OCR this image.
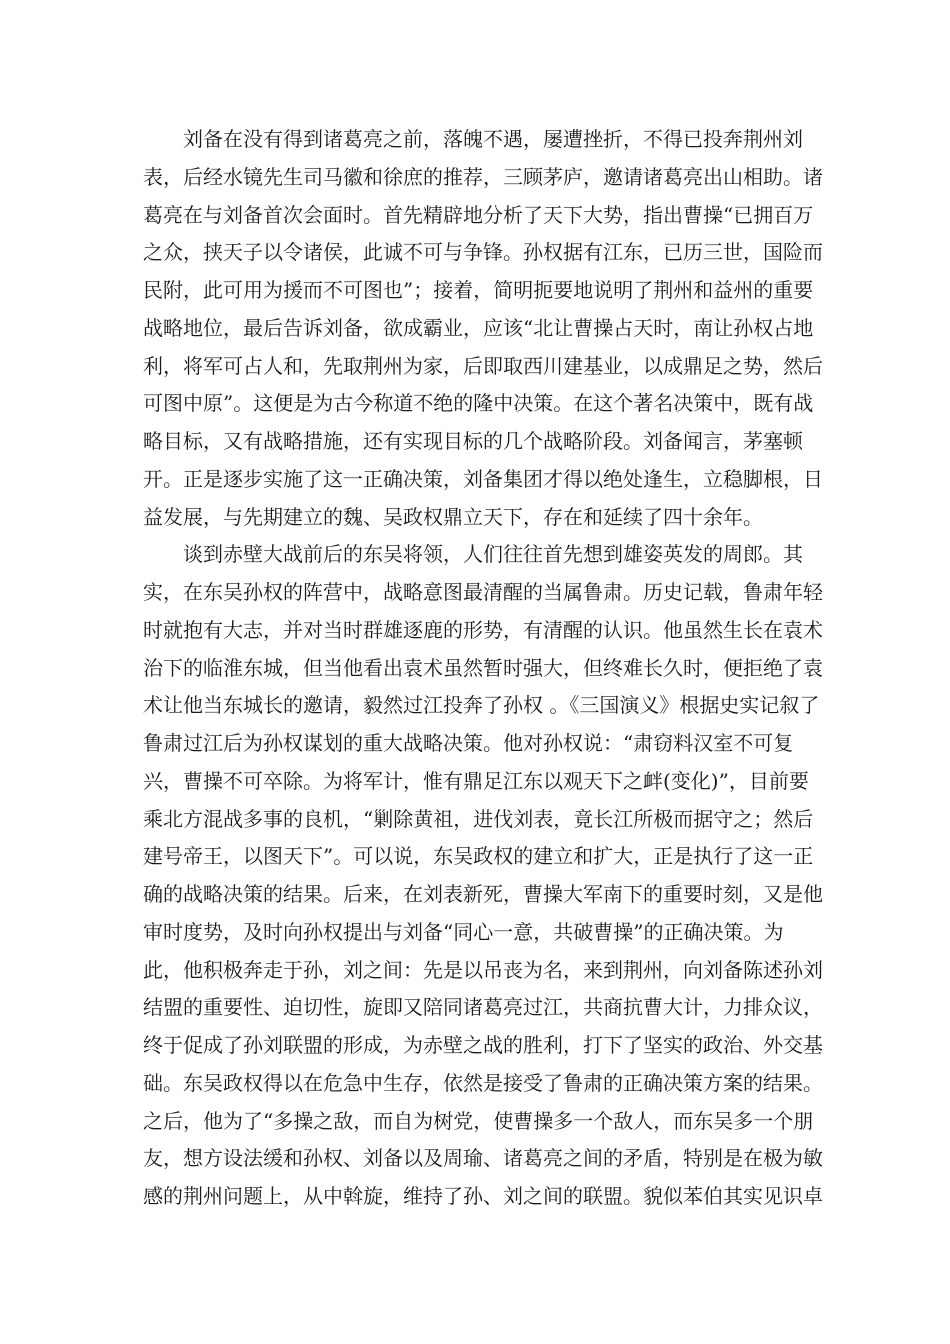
　　刘备在没有得到诸葛亮之前，落魄不遇，屡遭挫折，不得已投奔荆州刘
表，后经水镜先生司马徽和徐庶的推荐，三顾茅庐，邀请诸葛亮出山相助。诸
葛亮在与刘备首次会面时。首先精辟地分析了天下大势，指出曹操“已拥百万
之众，挟天子以令诸侯，此诚不可与争锋。孙权据有江东，已历三世，国险而
民附，此可用为援而不可图也”；接着，简明扼要地说明了荆州和益州的重要
战略地位，最后告诉刘备，欲成霸业，应该“北让曹操占天时，南让孙权占地
利，将军可占人和，先取荆州为家，后即取西川建基业，以成鼎足之势，然后
可图中原”。这便是为古今称道不绝的隆中决策。在这个著名决策中，既有战
略目标，又有战略措施，还有实现目标的几个战略阶段。刘备闻言，茅塞顿
开。正是逐步实施了这一正确决策，刘备集团才得以绝处逢生，立稳脚根，日
益发展，与先期建立的魏、吴政权鼎立天下，存在和延续了四十余年。
　　谈到赤壁大战前后的东吴将领，人们往往首先想到雄姿英发的周郎。其
实，在东吴孙权的阵营中，战略意图最清醒的当属鲁肃。历史记载，鲁肃年轻
时就抱有大志，并对当时群雄逐鹿的形势，有清醒的认识。他虽然生长在袁术
治下的临淮东城，但当他看出袁术虽然暂时强大，但终难长久时，便拒绝了袁
术让他当东城长的邀请，毅然过江投奔了孙权 。《三国演义》根据史实记叙了
鲁肃过江后为孙权谋划的重大战略决策。他对孙权说：“肃窃料汉室不可复
兴，曹操不可卒除。为将军计，惟有鼎足江东以观天下之衅(变化)”，目前要
乘北方混战多事的良机，“剿除黄祖，进伐刘表，竟长江所极而据守之；然后
建号帝王，以图天下”。可以说，东吴政权的建立和扩大，正是执行了这一正
确的战略决策的结果。后来，在刘表新死，曹操大军南下的重要时刻，又是他
审时度势，及时向孙权提出与刘备“同心一意，共破曹操”的正确决策。为
此，他积极奔走于孙，刘之间：先是以吊丧为名，来到荆州，向刘备陈述孙刘
结盟的重要性、迫切性，旋即又陪同诸葛亮过江，共商抗曹大计，力排众议，
终于促成了孙刘联盟的形成，为赤壁之战的胜利，打下了坚实的政治、外交基
础。东吴政权得以在危急中生存，依然是接受了鲁肃的正确决策方案的结果。
之后，他为了“多操之敌，而自为树党，使曹操多一个敌人，而东吴多一个朋
友，想方设法缓和孙权、刘备以及周瑜、诸葛亮之间的矛盾，特别是在极为敏
感的荆州问题上，从中斡旋，维持了孙、刘之间的联盟。貌似苯伯其实见识卓
